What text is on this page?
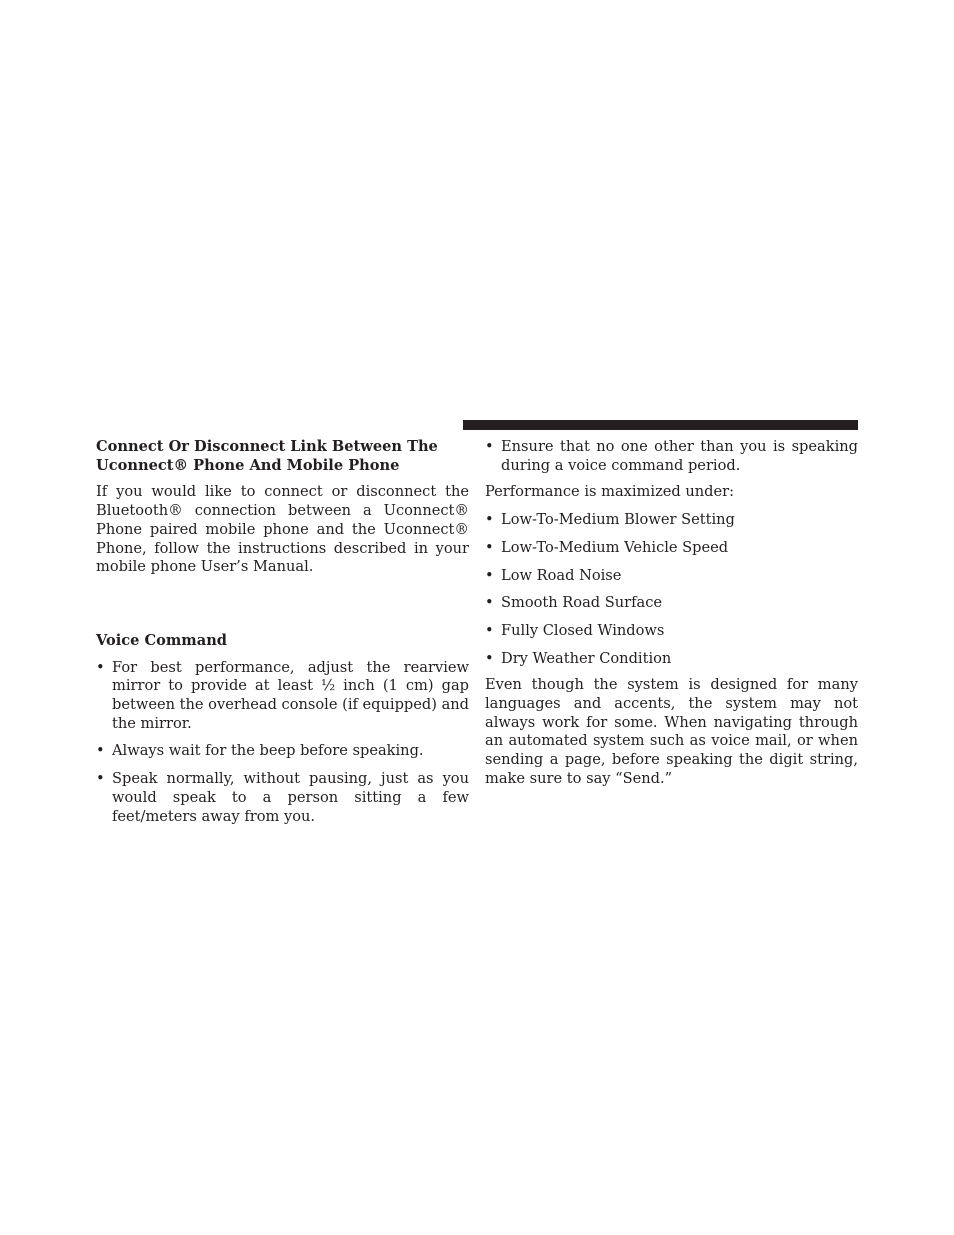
Connect Or Disconnect Link Between The Uconnect® Phone And Mobile Phone

If you would like to connect or disconnect the Bluetooth® connection between a Uconnect® Phone paired mobile phone and the Uconnect® Phone, follow the instructions described in your mobile phone User’s Manual.

Voice Command

• For best performance, adjust the rearview mirror to provide at least ½ inch (1 cm) gap between the overhead console (if equipped) and the mirror.
• Always wait for the beep before speaking.
• Speak normally, without pausing, just as you would speak to a person sitting a few feet/meters away from you.
• Ensure that no one other than you is speaking during a voice command period.

Performance is maximized under:

• Low-To-Medium Blower Setting
• Low-To-Medium Vehicle Speed
• Low Road Noise
• Smooth Road Surface
• Fully Closed Windows
• Dry Weather Condition

Even though the system is designed for many languages and accents, the system may not always work for some. When navigating through an automated system such as voice mail, or when sending a page, before speaking the digit string, make sure to say “Send.”
